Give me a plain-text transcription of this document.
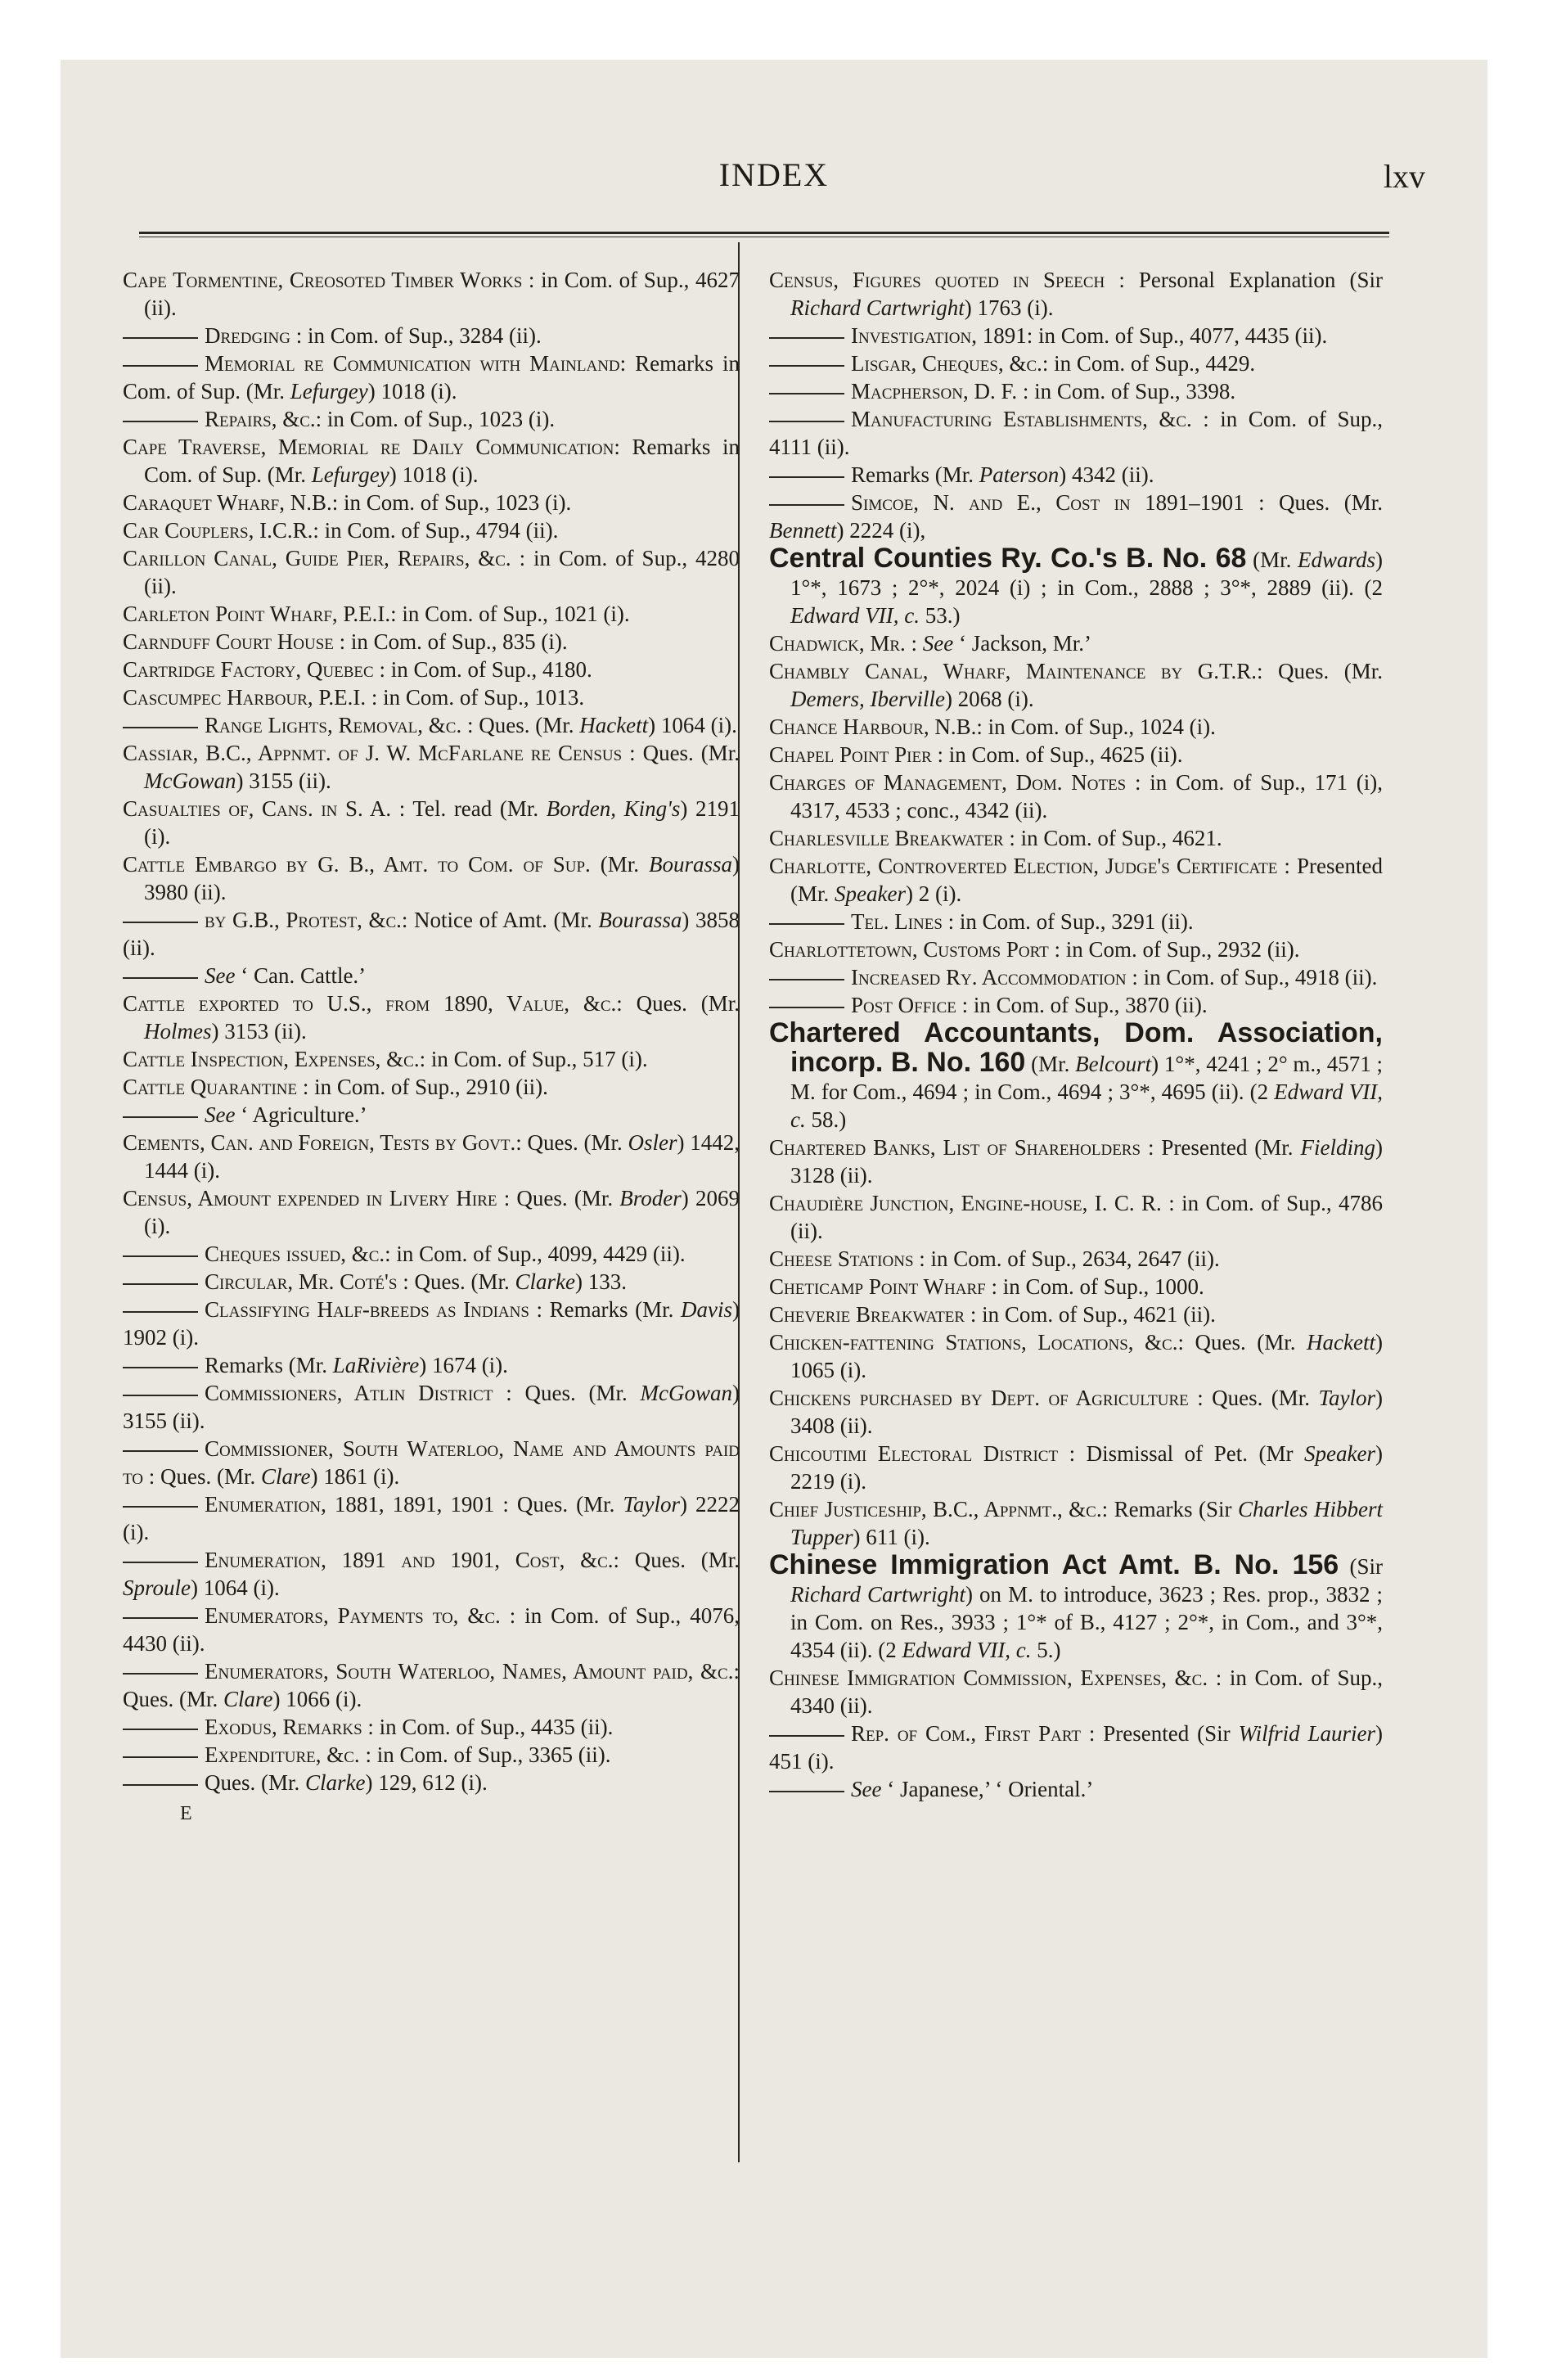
INDEX	lxv

Cape Tormentine, Creosoted Timber Works : in Com. of Sup., 4627 (ii).

Dredging : in Com. of Sup., 3284 (ii).

Memorial re Communication with Mainland: Remarks in Com. of Sup. (Mr. Lefurgey) 1018 (i).

Repairs, &c.: in Com. of Sup., 1023 (i).

Cape Traverse, Memorial re Daily Communication: Remarks in Com. of Sup. (Mr. Lefurgey) 1018 (i).

Caraquet Wharf, N.B.: in Com. of Sup., 1023 (i).

Car Couplers, I.C.R.: in Com. of Sup., 4794 (ii).

Carillon Canal, Guide Pier, Repairs, &c. : in Com. of Sup., 4280 (ii).

Carleton Point Wharf, P.E.I.: in Com. of Sup., 1021 (i).

Carnduff Court House : in Com. of Sup., 835 (i).

Cartridge Factory, Quebec : in Com. of Sup., 4180.

Cascumpec Harbour, P.E.I. : in Com. of Sup., 1013.

Range Lights, Removal, &c. : Ques. (Mr. Hackett) 1064 (i).

Cassiar, B.C., Appnmt. of J. W. McFarlane re Census : Ques. (Mr. McGowan) 3155 (ii).

Casualties of, Cans. in S. A. : Tel. read (Mr. Borden, King's) 2191 (i).

Cattle Embargo by G. B., Amt. to Com. of Sup. (Mr. Bourassa) 3980 (ii).

by G.B., Protest, &c.: Notice of Amt. (Mr. Bourassa) 3858 (ii).

See ‘ Can. Cattle.’

Cattle exported to U.S., from 1890, Value, &c.: Ques. (Mr. Holmes) 3153 (ii).

Cattle Inspection, Expenses, &c.: in Com. of Sup., 517 (i).

Cattle Quarantine : in Com. of Sup., 2910 (ii).

See ‘ Agriculture.’

Cements, Can. and Foreign, Tests by Govt.: Ques. (Mr. Osler) 1442, 1444 (i).

Census, Amount expended in Livery Hire : Ques. (Mr. Broder) 2069 (i).

Cheques issued, &c.: in Com. of Sup., 4099, 4429 (ii).

Circular, Mr. Coté's : Ques. (Mr. Clarke) 133.

Classifying Half-breeds as Indians : Remarks (Mr. Davis) 1902 (i).

Remarks (Mr. LaRivière) 1674 (i).

Commissioners, Atlin District : Ques. (Mr. McGowan) 3155 (ii).

Commissioner, South Waterloo, Name and Amounts paid to : Ques. (Mr. Clare) 1861 (i).

Enumeration, 1881, 1891, 1901 : Ques. (Mr. Taylor) 2222 (i).

Enumeration, 1891 and 1901, Cost, &c.: Ques. (Mr. Sproule) 1064 (i).

Enumerators, Payments to, &c. : in Com. of Sup., 4076, 4430 (ii).

Enumerators, South Waterloo, Names, Amount paid, &c.: Ques. (Mr. Clare) 1066 (i).

Exodus, Remarks : in Com. of Sup., 4435 (ii).

Expenditure, &c. : in Com. of Sup., 3365 (ii).

Ques. (Mr. Clarke) 129, 612 (i).

E

Census, Figures quoted in Speech : Personal Explanation (Sir Richard Cartwright) 1763 (i).

Investigation, 1891: in Com. of Sup., 4077, 4435 (ii).

Lisgar, Cheques, &c.: in Com. of Sup., 4429.

Macpherson, D. F. : in Com. of Sup., 3398.

Manufacturing Establishments, &c. : in Com. of Sup., 4111 (ii).

Remarks (Mr. Paterson) 4342 (ii).

Simcoe, N. and E., Cost in 1891–1901 : Ques. (Mr. Bennett) 2224 (i),

Central Counties Ry. Co.'s B. No. 68 (Mr. Edwards) 1°*, 1673 ; 2°*, 2024 (i) ; in Com., 2888 ; 3°*, 2889 (ii). (2 Edward VII, c. 53.)

Chadwick, Mr. : See ‘ Jackson, Mr.’

Chambly Canal, Wharf, Maintenance by G.T.R.: Ques. (Mr. Demers, Iberville) 2068 (i).

Chance Harbour, N.B.: in Com. of Sup., 1024 (i).

Chapel Point Pier : in Com. of Sup., 4625 (ii).

Charges of Management, Dom. Notes : in Com. of Sup., 171 (i), 4317, 4533 ; conc., 4342 (ii).

Charlesville Breakwater : in Com. of Sup., 4621.

Charlotte, Controverted Election, Judge's Certificate : Presented (Mr. Speaker) 2 (i).

Tel. Lines : in Com. of Sup., 3291 (ii).

Charlottetown, Customs Port : in Com. of Sup., 2932 (ii).

Increased Ry. Accommodation : in Com. of Sup., 4918 (ii).

Post Office : in Com. of Sup., 3870 (ii).

Chartered Accountants, Dom. Association, incorp. B. No. 160 (Mr. Belcourt) 1°*, 4241 ; 2° m., 4571 ; M. for Com., 4694 ; in Com., 4694 ; 3°*, 4695 (ii). (2 Edward VII, c. 58.)

Chartered Banks, List of Shareholders : Presented (Mr. Fielding) 3128 (ii).

Chaudière Junction, Engine-house, I. C. R. : in Com. of Sup., 4786 (ii).

Cheese Stations : in Com. of Sup., 2634, 2647 (ii).

Cheticamp Point Wharf : in Com. of Sup., 1000.

Cheverie Breakwater : in Com. of Sup., 4621 (ii).

Chicken-fattening Stations, Locations, &c.: Ques. (Mr. Hackett) 1065 (i).

Chickens purchased by Dept. of Agriculture : Ques. (Mr. Taylor) 3408 (ii).

Chicoutimi Electoral District : Dismissal of Pet. (Mr Speaker) 2219 (i).

Chief Justiceship, B.C., Appnmt., &c.: Remarks (Sir Charles Hibbert Tupper) 611 (i).

Chinese Immigration Act Amt. B. No. 156 (Sir Richard Cartwright) on M. to introduce, 3623 ; Res. prop., 3832 ; in Com. on Res., 3933 ; 1°* of B., 4127 ; 2°*, in Com., and 3°*, 4354 (ii). (2 Edward VII, c. 5.)

Chinese Immigration Commission, Expenses, &c. : in Com. of Sup., 4340 (ii).

Rep. of Com., First Part : Presented (Sir Wilfrid Laurier) 451 (i).

See ‘ Japanese,’ ‘ Oriental.’
